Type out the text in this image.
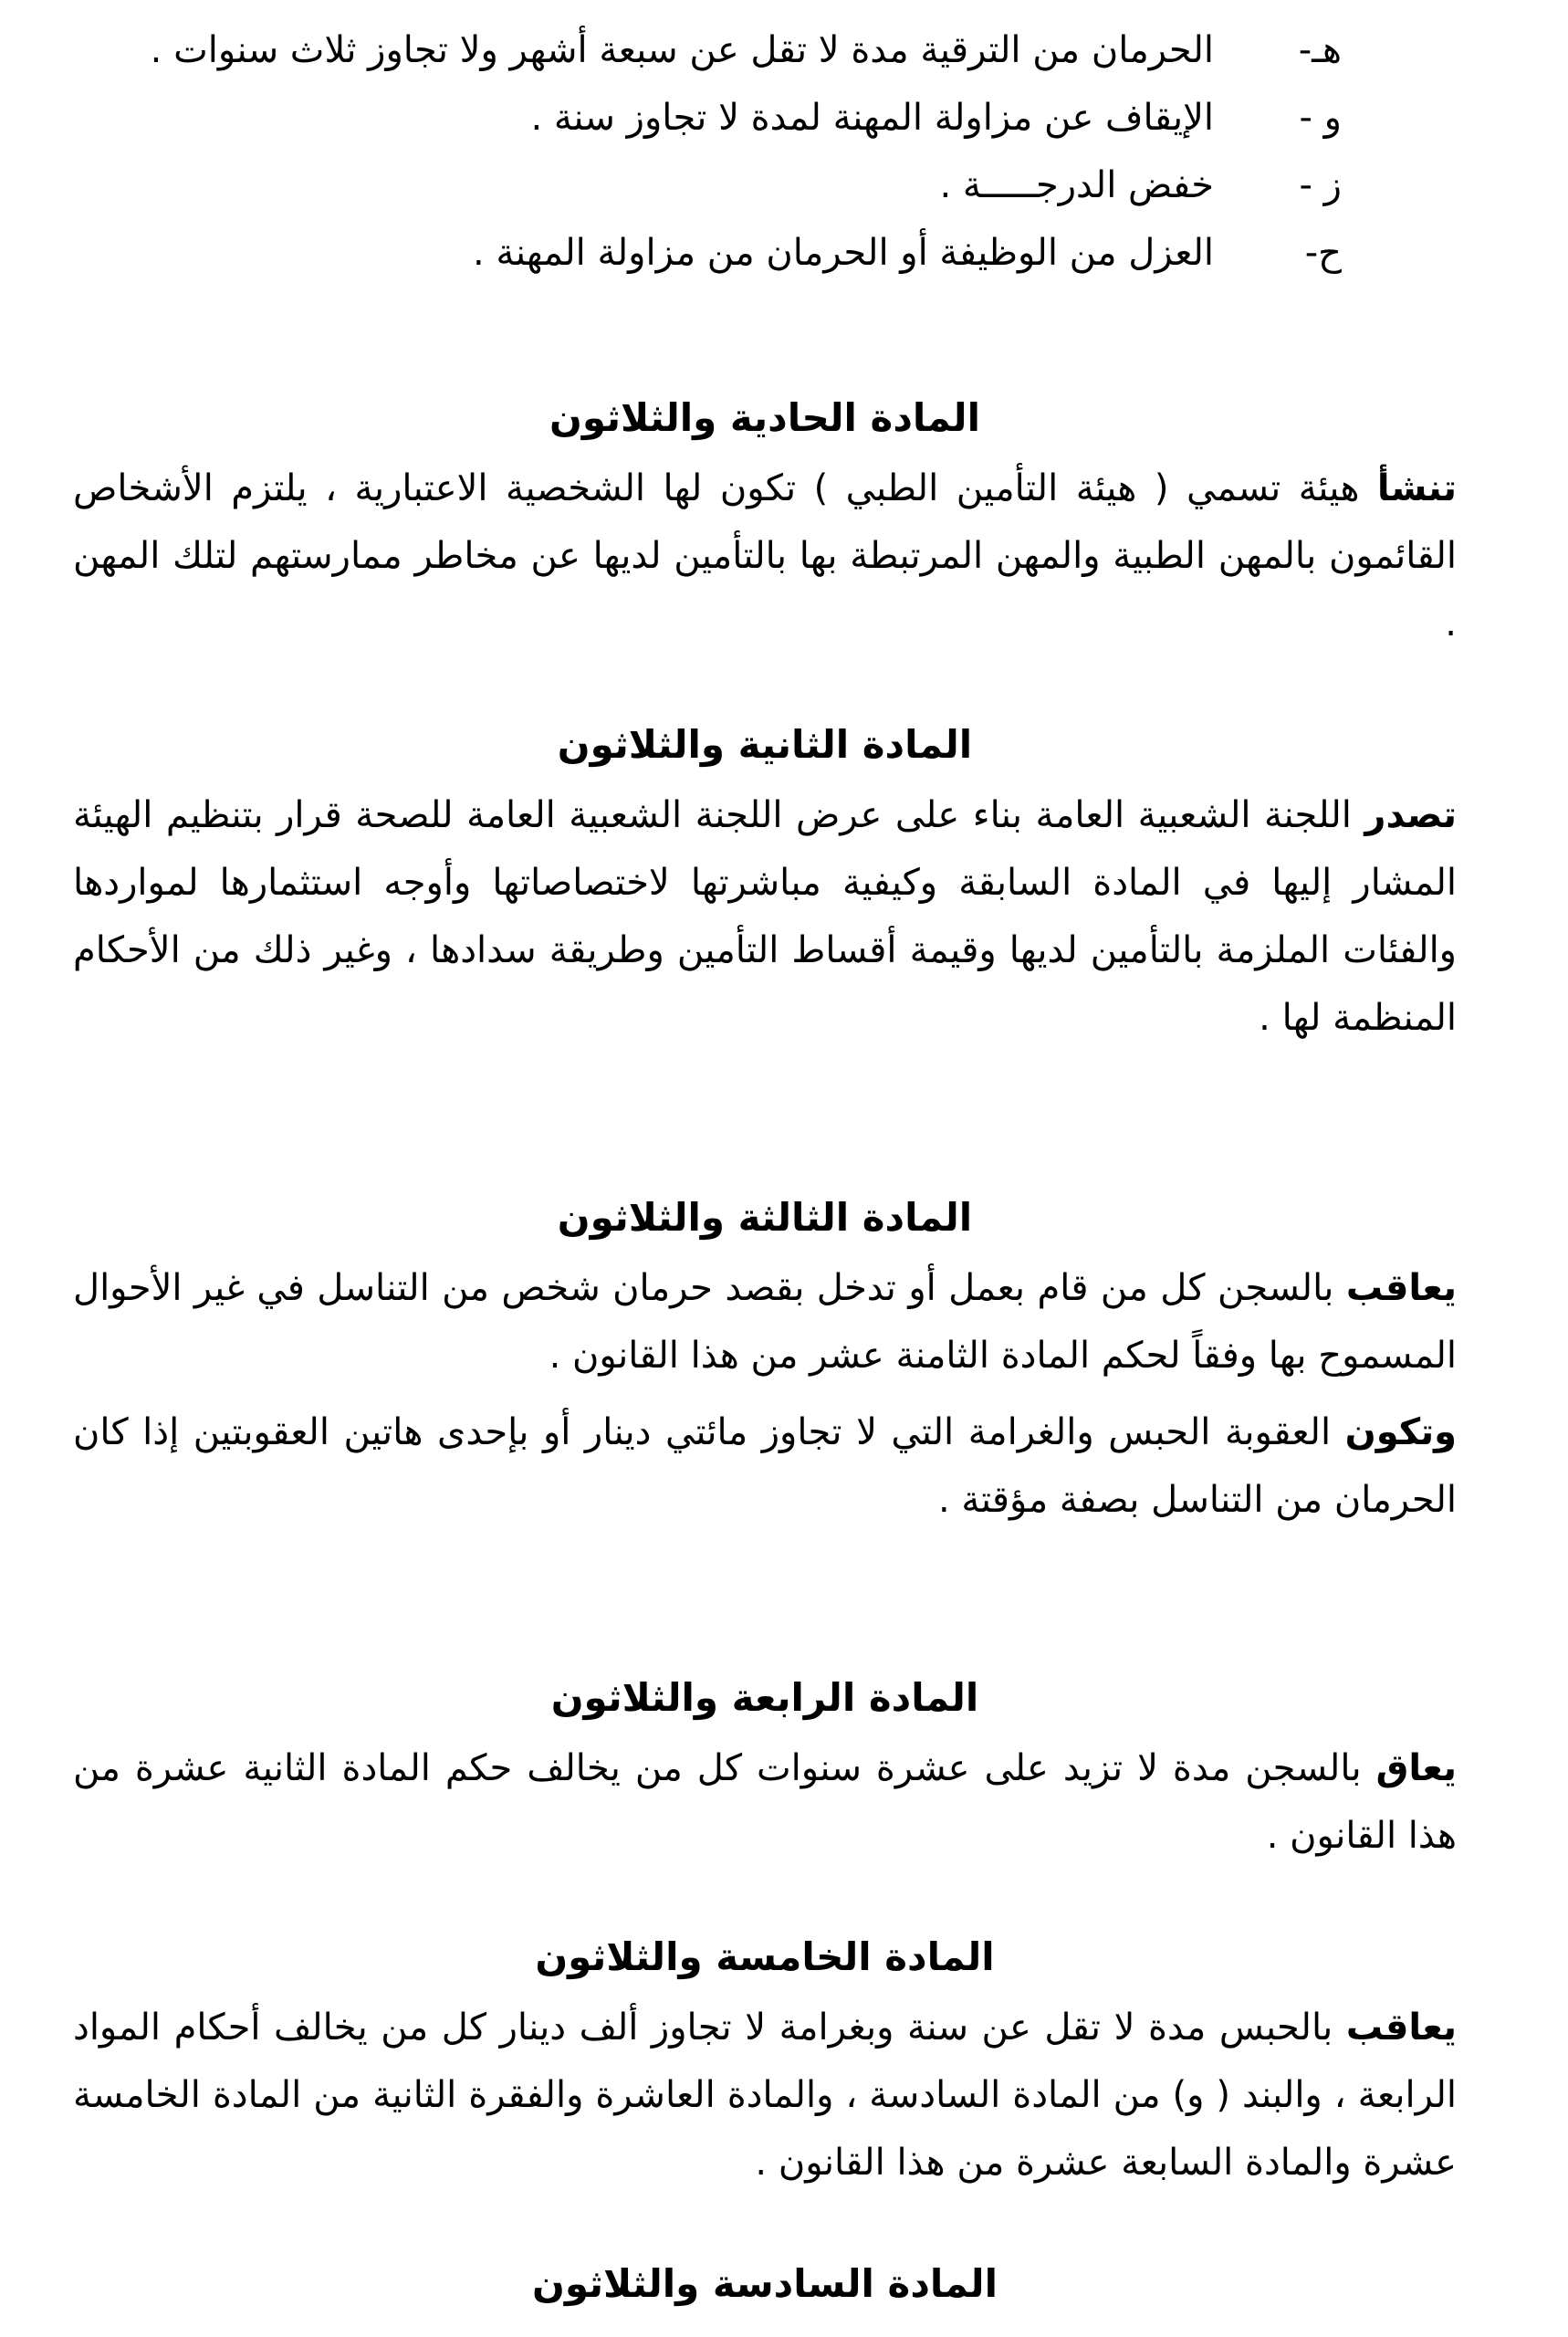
هـ-
الحرمان من الترقية مدة لا تقل عن سبعة أشهر ولا تجاوز ثلاث سنوات .
و -
الإيقاف عن مزاولة المهنة لمدة لا تجاوز سنة .
ز -
خفض الدرجـــــة .
ح-
العزل من الوظيفة أو الحرمان من مزاولة المهنة .
المادة الحادية والثلاثون

تنشأ هيئة تسمي ( هيئة التأمين الطبي ) تكون لها الشخصية الاعتبارية ، يلتزم الأشخاص القائمون بالمهن الطبية والمهن المرتبطة بها بالتأمين لديها عن مخاطر ممارستهم لتلك المهن .

المادة الثانية والثلاثون

تصدر اللجنة الشعبية العامة بناء على عرض اللجنة الشعبية العامة للصحة قرار بتنظيم الهيئة المشار إليها في المادة السابقة وكيفية مباشرتها لاختصاصاتها وأوجه استثمارها لمواردها والفئات الملزمة بالتأمين لديها وقيمة أقساط التأمين وطريقة سدادها ، وغير ذلك من الأحكام المنظمة لها .

المادة الثالثة والثلاثون

يعاقب بالسجن كل من قام بعمل أو تدخل بقصد حرمان شخص من التناسل في غير الأحوال المسموح بها وفقاً لحكم المادة الثامنة عشر من هذا القانون .

وتكون العقوبة الحبس والغرامة التي لا تجاوز مائتي دينار أو بإحدى هاتين العقوبتين إذا كان الحرمان من التناسل بصفة مؤقتة .

المادة الرابعة والثلاثون

يعاق بالسجن مدة لا تزيد على عشرة سنوات كل من يخالف حكم المادة الثانية عشرة من هذا القانون .

المادة الخامسة والثلاثون

يعاقب بالحبس مدة لا تقل عن سنة وبغرامة لا تجاوز ألف دينار كل من يخالف أحكام المواد الرابعة ، والبند ( و) من المادة السادسة ، والمادة العاشرة والفقرة الثانية من المادة الخامسة عشرة والمادة السابعة عشرة من هذا القانون .

المادة السادسة والثلاثون
